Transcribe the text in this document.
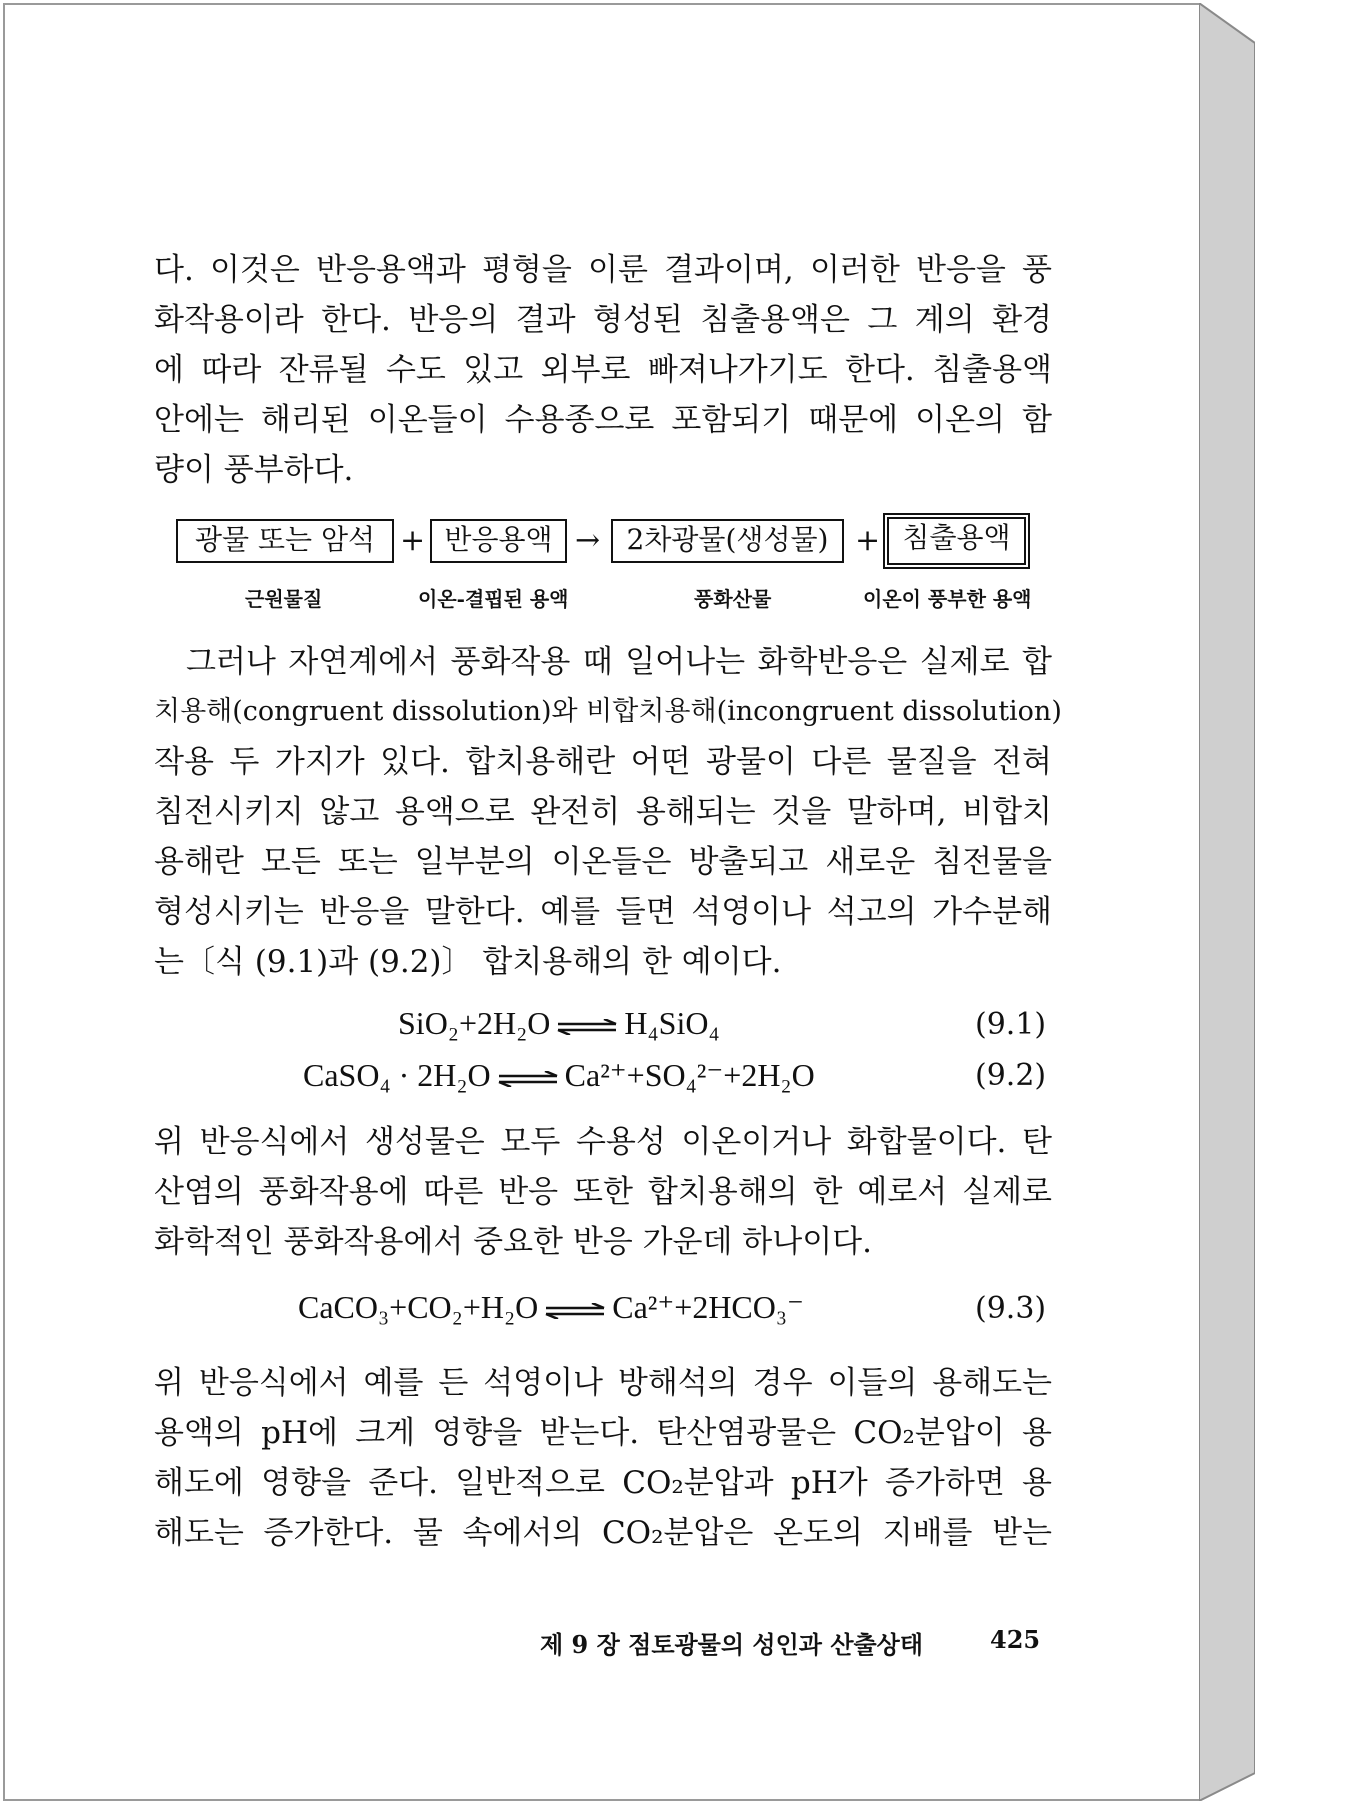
다. 이것은 반응용액과 평형을 이룬 결과이며, 이러한 반응을 풍
화작용이라 한다. 반응의 결과 형성된 침출용액은 그 계의 환경
에 따라 잔류될 수도 있고 외부로 빠져나가기도 한다. 침출용액
안에는 해리된 이온들이 수용종으로 포함되기 때문에 이온의 함
량이 풍부하다.
광물 또는 암석 + 반응용액 → 2차광물(생성물) + 침출용액
근원물질	이온-결핍된 용액	풍화산물	이온이 풍부한 용액
그러나 자연계에서 풍화작용 때 일어나는 화학반응은 실제로 합
치용해(congruent dissolution)와 비합치용해(incongruent dissolution)
작용 두 가지가 있다. 합치용해란 어떤 광물이 다른 물질을 전혀
침전시키지 않고 용액으로 완전히 용해되는 것을 말하며, 비합치
용해란 모든 또는 일부분의 이온들은 방출되고 새로운 침전물을
형성시키는 반응을 말한다. 예를 들면 석영이나 석고의 가수분해
는〔식 (9.1)과 (9.2)〕 합치용해의 한 예이다.
SiO₂+2H₂O ⇌ H₄SiO₄	(9.1)
CaSO₄ · 2H₂O ⇌ Ca²⁺+SO₄²⁻+2H₂O	(9.2)
위 반응식에서 생성물은 모두 수용성 이온이거나 화합물이다. 탄
산염의 풍화작용에 따른 반응 또한 합치용해의 한 예로서 실제로
화학적인 풍화작용에서 중요한 반응 가운데 하나이다.
CaCO₃+CO₂+H₂O ⇌ Ca²⁺+2HCO₃⁻	(9.3)
위 반응식에서 예를 든 석영이나 방해석의 경우 이들의 용해도는
용액의 pH에 크게 영향을 받는다. 탄산염광물은 CO₂분압이 용
해도에 영향을 준다. 일반적으로 CO₂분압과 pH가 증가하면 용
해도는 증가한다. 물 속에서의 CO₂분압은 온도의 지배를 받는
제 9 장 점토광물의 성인과 산출상태	425
